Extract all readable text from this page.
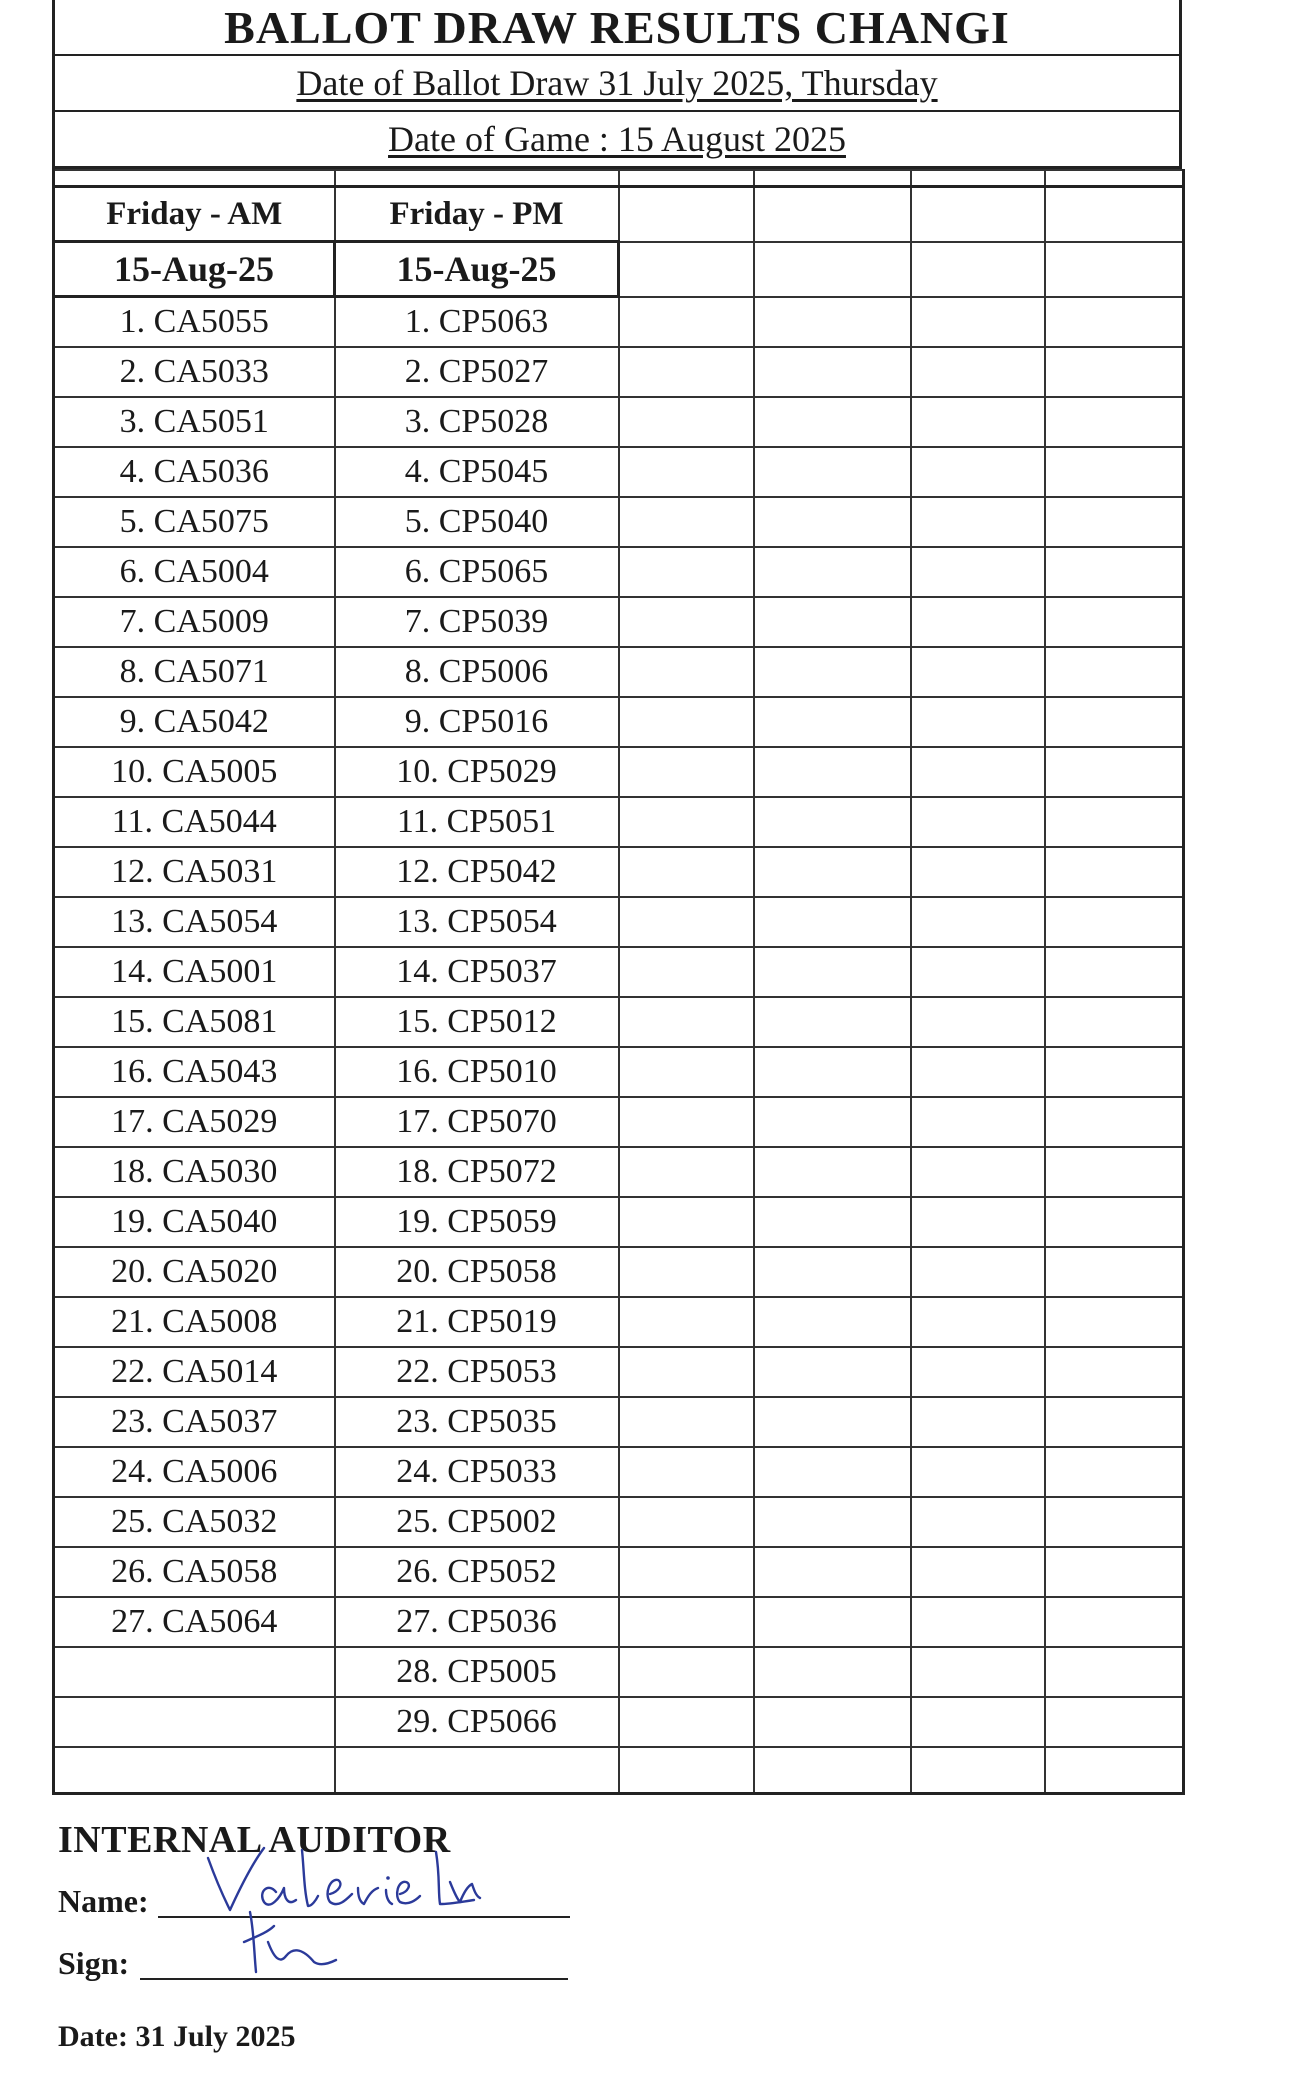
BALLOT DRAW RESULTS CHANGI
Date of Ballot Draw 31 July 2025, Thursday
Date of Game : 15 August 2025

Friday - AM	Friday - PM				
15-Aug-25	15-Aug-25				
1. CA5055	1. CP5063				
2. CA5033	2. CP5027				
3. CA5051	3. CP5028				
4. CA5036	4. CP5045				
5. CA5075	5. CP5040				
6. CA5004	6. CP5065				
7. CA5009	7. CP5039				
8. CA5071	8. CP5006				
9. CA5042	9. CP5016				
10. CA5005	10. CP5029				
11. CA5044	11. CP5051				
12. CA5031	12. CP5042				
13. CA5054	13. CP5054				
14. CA5001	14. CP5037				
15. CA5081	15. CP5012				
16. CA5043	16. CP5010				
17. CA5029	17. CP5070				
18. CA5030	18. CP5072				
19. CA5040	19. CP5059				
20. CA5020	20. CP5058				
21. CA5008	21. CP5019				
22. CA5014	22. CP5053				
23. CA5037	23. CP5035				
24. CA5006	24. CP5033				
25. CA5032	25. CP5002				
26. CA5058	26. CP5052				
27. CA5064	27. CP5036				
	28. CP5005				
	29. CP5066				

INTERNAL AUDITOR
Name:
Sign:
Date: 31 July 2025
